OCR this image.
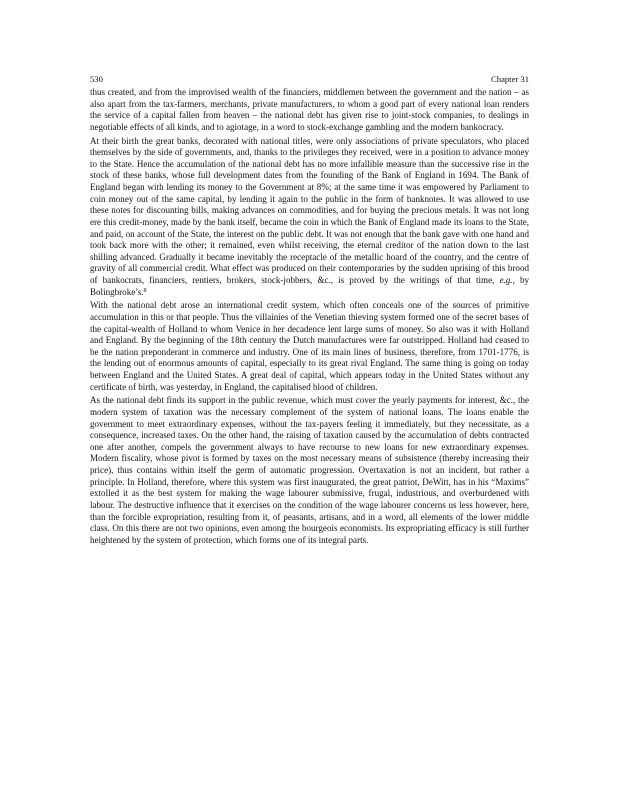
530	Chapter 31

thus created, and from the improvised wealth of the financiers, middlemen between the government and the nation – as also apart from the tax-farmers, merchants, private manufacturers, to whom a good part of every national loan renders the service of a capital fallen from heaven – the national debt has given rise to joint-stock companies, to dealings in negotiable effects of all kinds, and to agiotage, in a word to stock-exchange gambling and the modern bankocracy.

At their birth the great banks, decorated with national titles, were only associations of private speculators, who placed themselves by the side of governments, and, thanks to the privileges they received, were in a position to advance money to the State. Hence the accumulation of the national debt has no more infallible measure than the successive rise in the stock of these banks, whose full development dates from the founding of the Bank of England in 1694. The Bank of England began with lending its money to the Government at 8%; at the same time it was empowered by Parliament to coin money out of the same capital, by lending it again to the public in the form of banknotes. It was allowed to use these notes for discounting bills, making advances on commodities, and for buying the precious metals. It was not long ere this credit-money, made by the bank itself, became the coin in which the Bank of England made its loans to the State, and paid, on account of the State, the interest on the public debt. It was not enough that the bank gave with one hand and took back more with the other; it remained, even whilst receiving, the eternal creditor of the nation down to the last shilling advanced. Gradually it became inevitably the receptacle of the metallic hoard of the country, and the centre of gravity of all commercial credit. What effect was produced on their contemporaries by the sudden uprising of this brood of bankocrats, financiers, rentiers, brokers, stock-jobbers, &c., is proved by the writings of that time, e.g., by Bolingbroke’s.$^8$

With the national debt arose an international credit system, which often conceals one of the sources of primitive accumulation in this or that people. Thus the villainies of the Venetian thieving system formed one of the secret bases of the capital-wealth of Holland to whom Venice in her decadence lent large sums of money. So also was it with Holland and England. By the beginning of the 18th century the Dutch manufactures were far outstripped. Holland had ceased to be the nation preponderant in commerce and industry. One of its main lines of business, therefore, from 1701-1776, is the lending out of enormous amounts of capital, especially to its great rival England. The same thing is going on today between England and the United States. A great deal of capital, which appears today in the United States without any certificate of birth, was yesterday, in England, the capitalised blood of children.

As the national debt finds its support in the public revenue, which must cover the yearly payments for interest, &c., the modern system of taxation was the necessary complement of the system of national loans. The loans enable the government to meet extraordinary expenses, without the tax-payers feeling it immediately, but they necessitate, as a consequence, increased taxes. On the other hand, the raising of taxation caused by the accumulation of debts contracted one after another, compels the government always to have recourse to new loans for new extraordinary expenses. Modern fiscality, whose pivot is formed by taxes on the most necessary means of subsistence (thereby increasing their price), thus contains within itself the germ of automatic progression. Overtaxation is not an incident, but rather a principle. In Holland, therefore, where this system was first inaugurated, the great patriot, DeWitt, has in his “Maxims” extolled it as the best system for making the wage labourer submissive, frugal, industrious, and overburdened with labour. The destructive influence that it exercises on the condition of the wage labourer concerns us less however, here, than the forcible expropriation, resulting from it, of peasants, artisans, and in a word, all elements of the lower middle class. On this there are not two opinions, even among the bourgeois economists. Its expropriating efficacy is still further heightened by the system of protection, which forms one of its integral parts.
